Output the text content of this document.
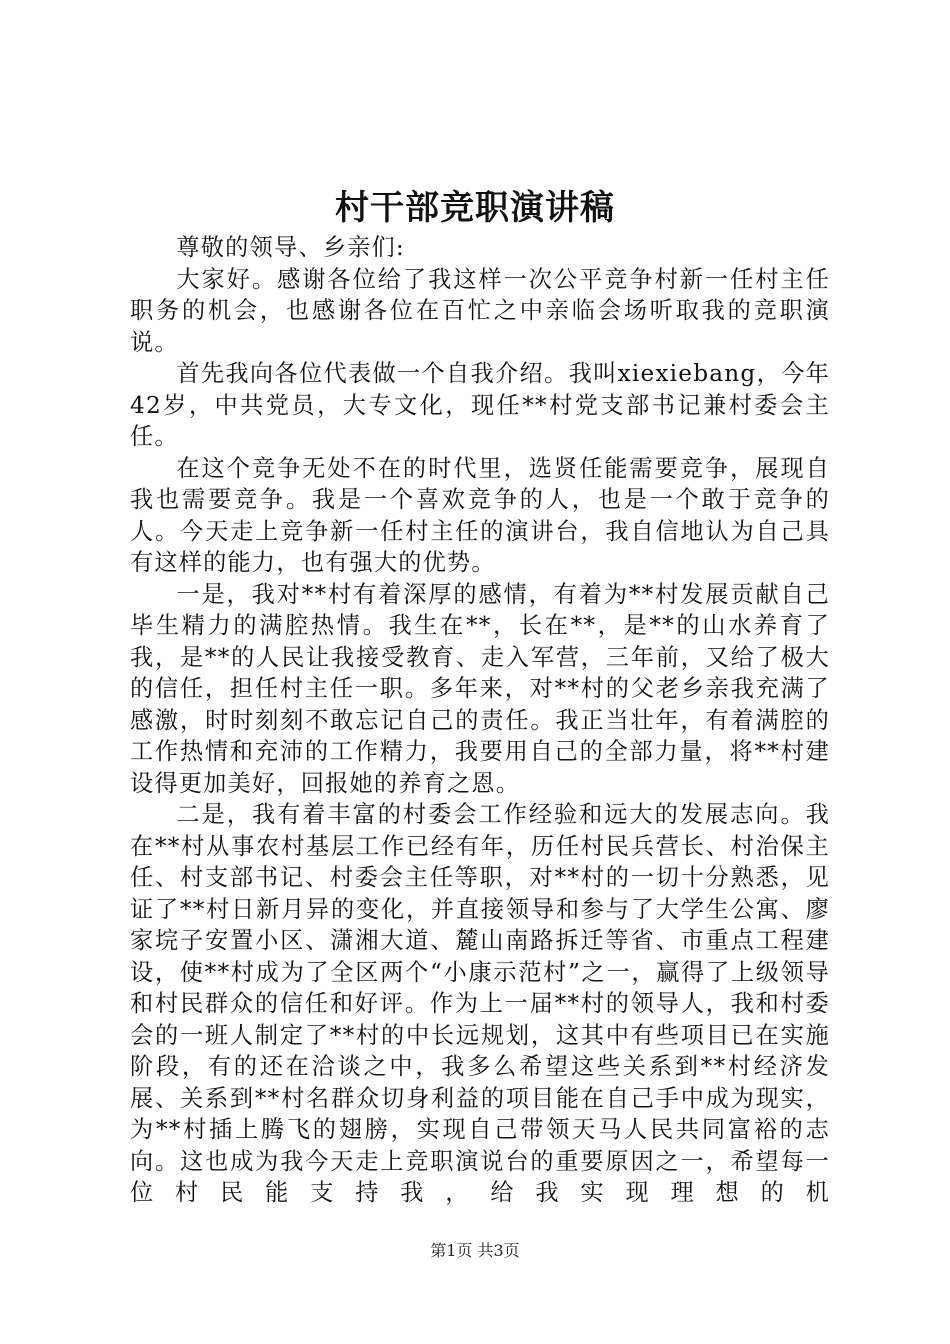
村干部竞职演讲稿

尊敬的领导、乡亲们:

大家好。感谢各位给了我这样一次公平竞争村新一任村主任职务的机会，也感谢各位在百忙之中亲临会场听取我的竞职演说。

首先我向各位代表做一个自我介绍。我叫xiexiebang，今年42岁，中共党员，大专文化，现任**村党支部书记兼村委会主任。

在这个竞争无处不在的时代里，选贤任能需要竞争，展现自我也需要竞争。我是一个喜欢竞争的人，也是一个敢于竞争的人。今天走上竞争新一任村主任的演讲台，我自信地认为自己具有这样的能力，也有强大的优势。

一是，我对**村有着深厚的感情，有着为**村发展贡献自己毕生精力的满腔热情。我生在**，长在**，是**的山水养育了我，是**的人民让我接受教育、走入军营，三年前，又给了极大的信任，担任村主任一职。多年来，对**村的父老乡亲我充满了感激，时时刻刻不敢忘记自己的责任。我正当壮年，有着满腔的工作热情和充沛的工作精力，我要用自己的全部力量，将**村建设得更加美好，回报她的养育之恩。

二是，我有着丰富的村委会工作经验和远大的发展志向。我在**村从事农村基层工作已经有年，历任村民兵营长、村治保主任、村支部书记、村委会主任等职，对**村的一切十分熟悉，见证了**村日新月异的变化，并直接领导和参与了大学生公寓、廖家垸子安置小区、潇湘大道、麓山南路拆迁等省、市重点工程建设，使**村成为了全区两个“小康示范村”之一，赢得了上级领导和村民群众的信任和好评。作为上一届**村的领导人，我和村委会的一班人制定了**村的中长远规划，这其中有些项目已在实施阶段，有的还在洽谈之中，我多么希望这些关系到**村经济发展、关系到**村名群众切身利益的项目能在自己手中成为现实，为**村插上腾飞的翅膀，实现自己带领天马人民共同富裕的志向。这也成为我今天走上竞职演说台的重要原因之一，希望每一位村民能支持我，给我实现理想的机

第1页 共3页
